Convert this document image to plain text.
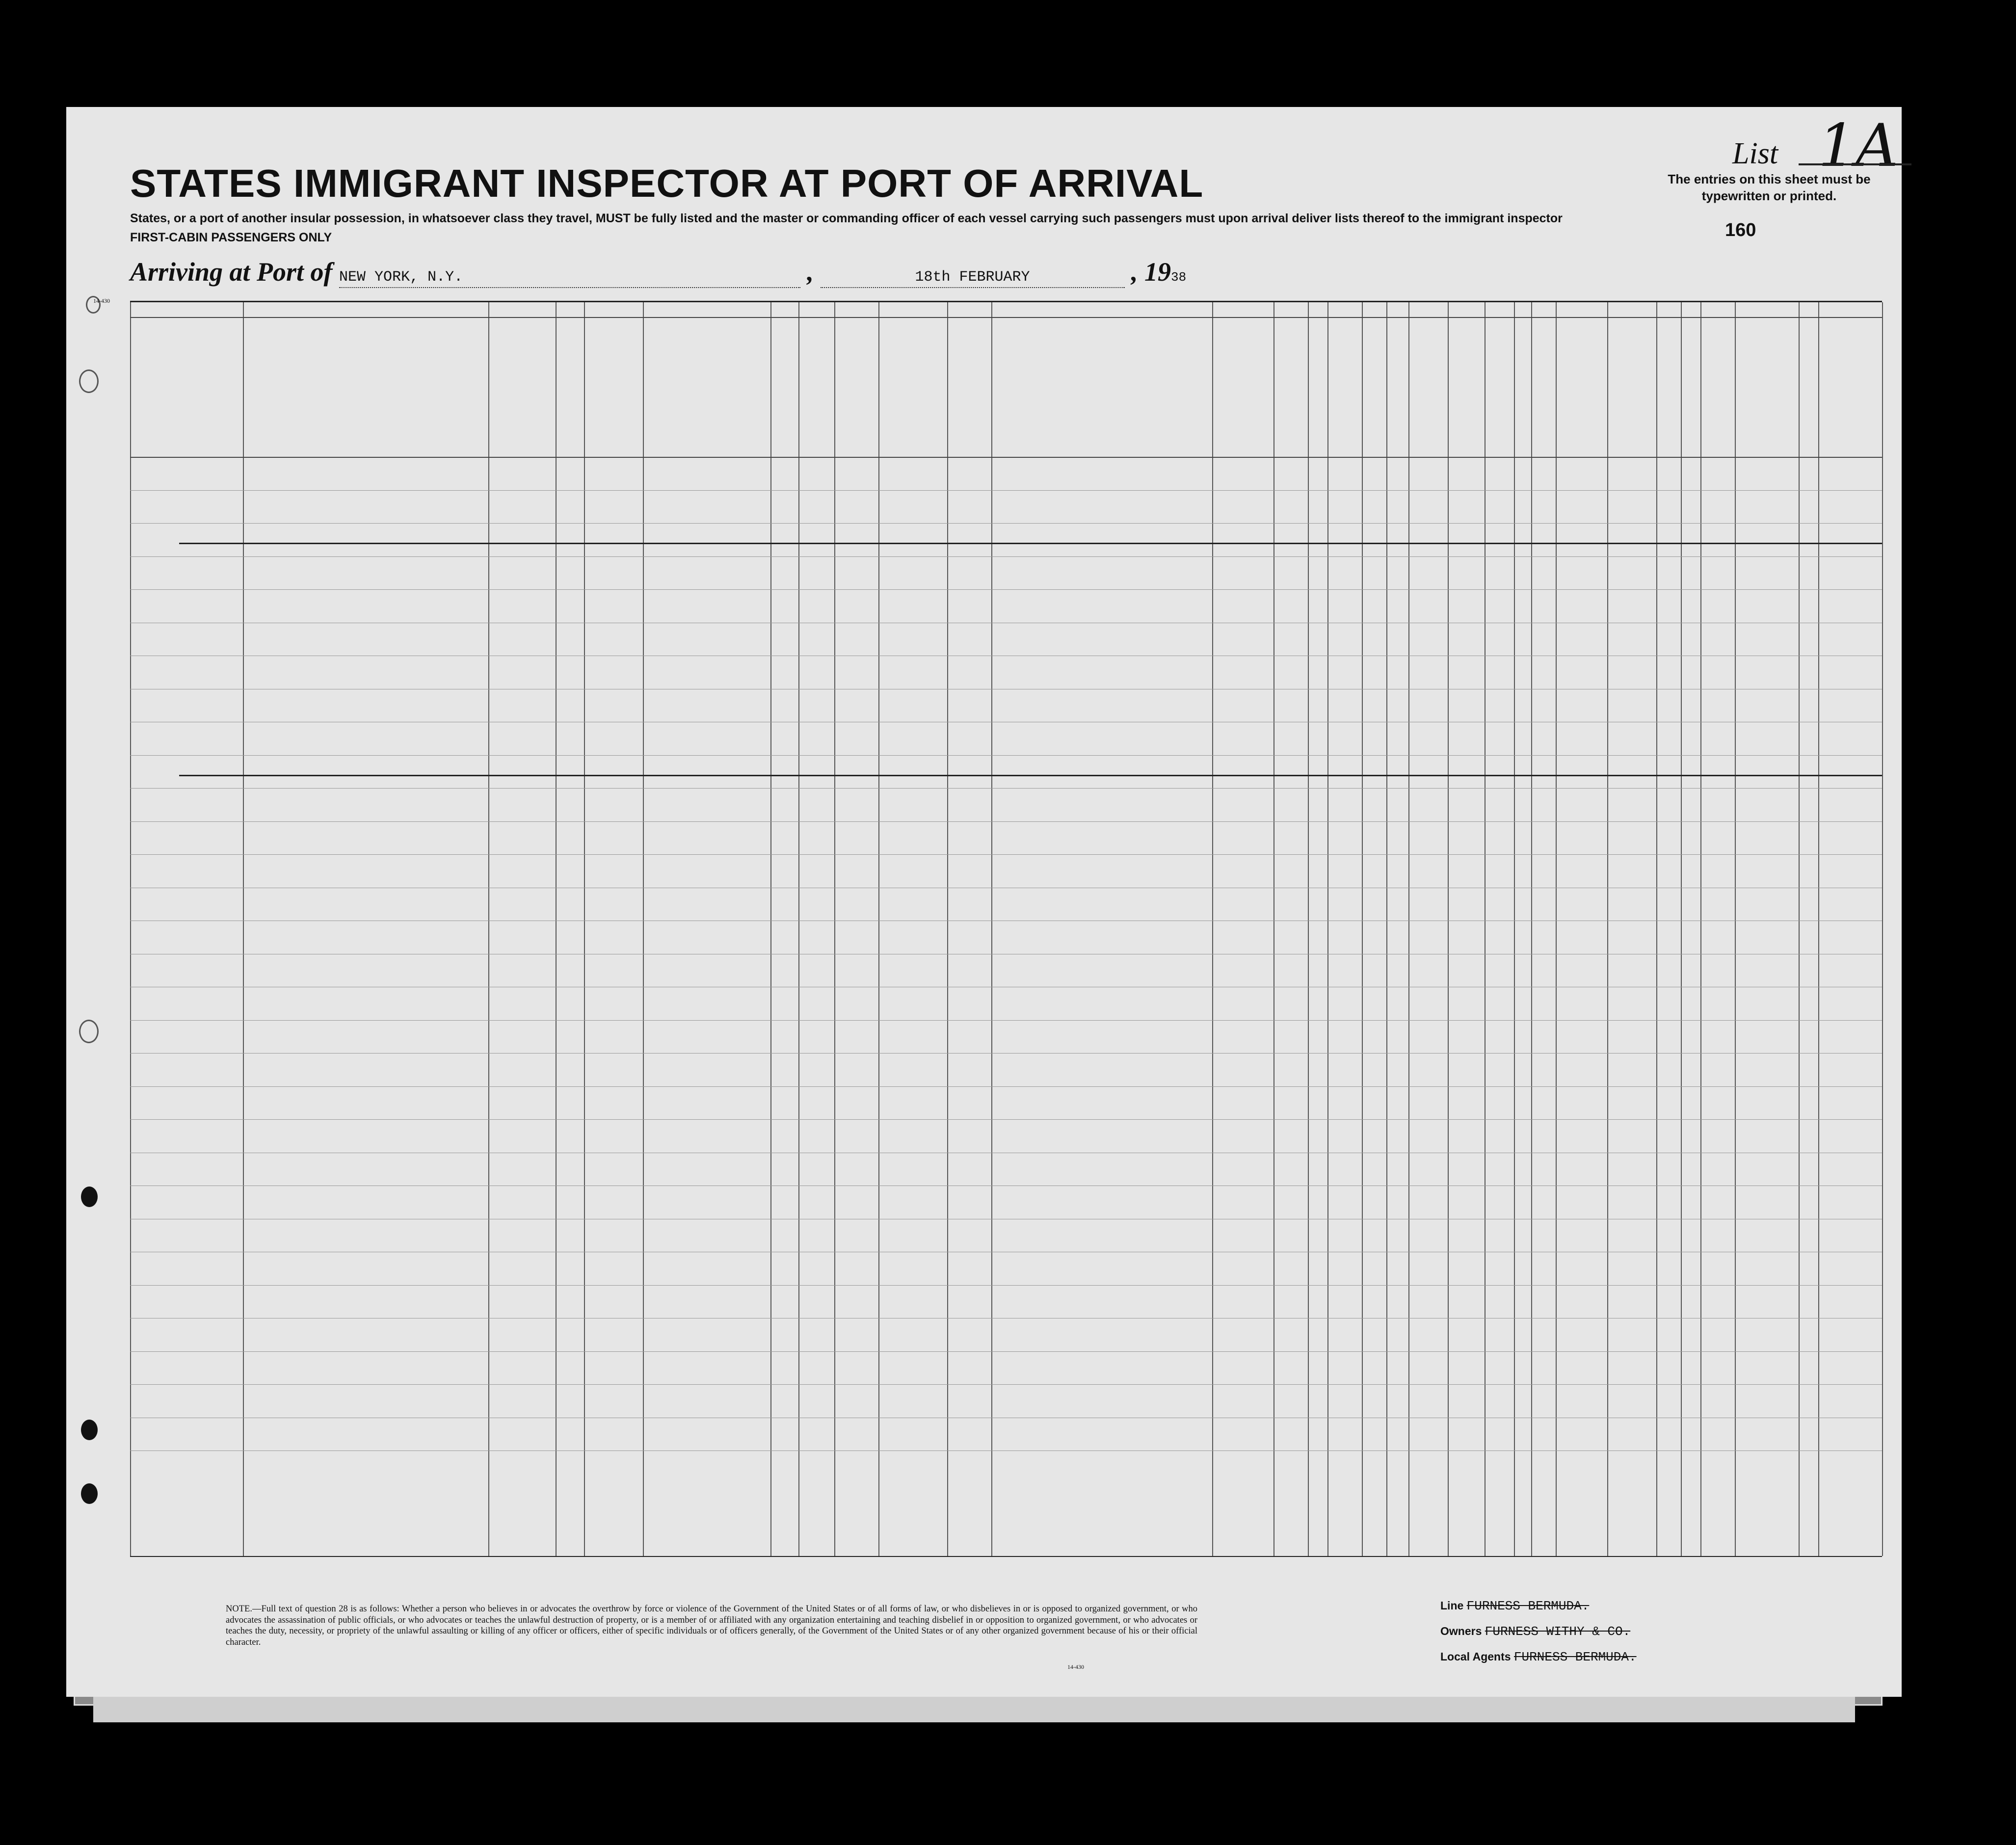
List 1A
The entries on this sheet must be typewritten or printed.
STATES IMMIGRANT INSPECTOR AT PORT OF ARRIVAL
States, or a port of another insular possession, in whatsoever class they travel, MUST be fully listed and the master or commanding officer of each vessel carrying such passengers must upon arrival deliver lists thereof to the immigrant inspector
FIRST-CABIN PASSENGERS ONLY	160
Arriving at Port of NEW YORK, N.Y.	,	18th FEBRUARY	, 1938
14-430
NOTE.—Full text of question 28 is as follows: Whether a person who believes in or advocates the overthrow by force or violence of the Government of the United States or of all forms of law, or who disbelieves in or is opposed to organized government, or who advocates the assassination of public officials, or who advocates or teaches the unlawful destruction of property, or is a member of or affiliated with any organization entertaining and teaching disbelief in or opposition to organized government, or who advocates or teaches the duty, necessity, or propriety of the unlawful assaulting or killing of any officer or officers, either of specific individuals or of officers generally, of the Government of the United States or of any other organized government because of his or their official character.
14-430
Line FURNESS BERMUDA.
Owners FURNESS WITHY & CO.
Local Agents FURNESS BERMUDA.
